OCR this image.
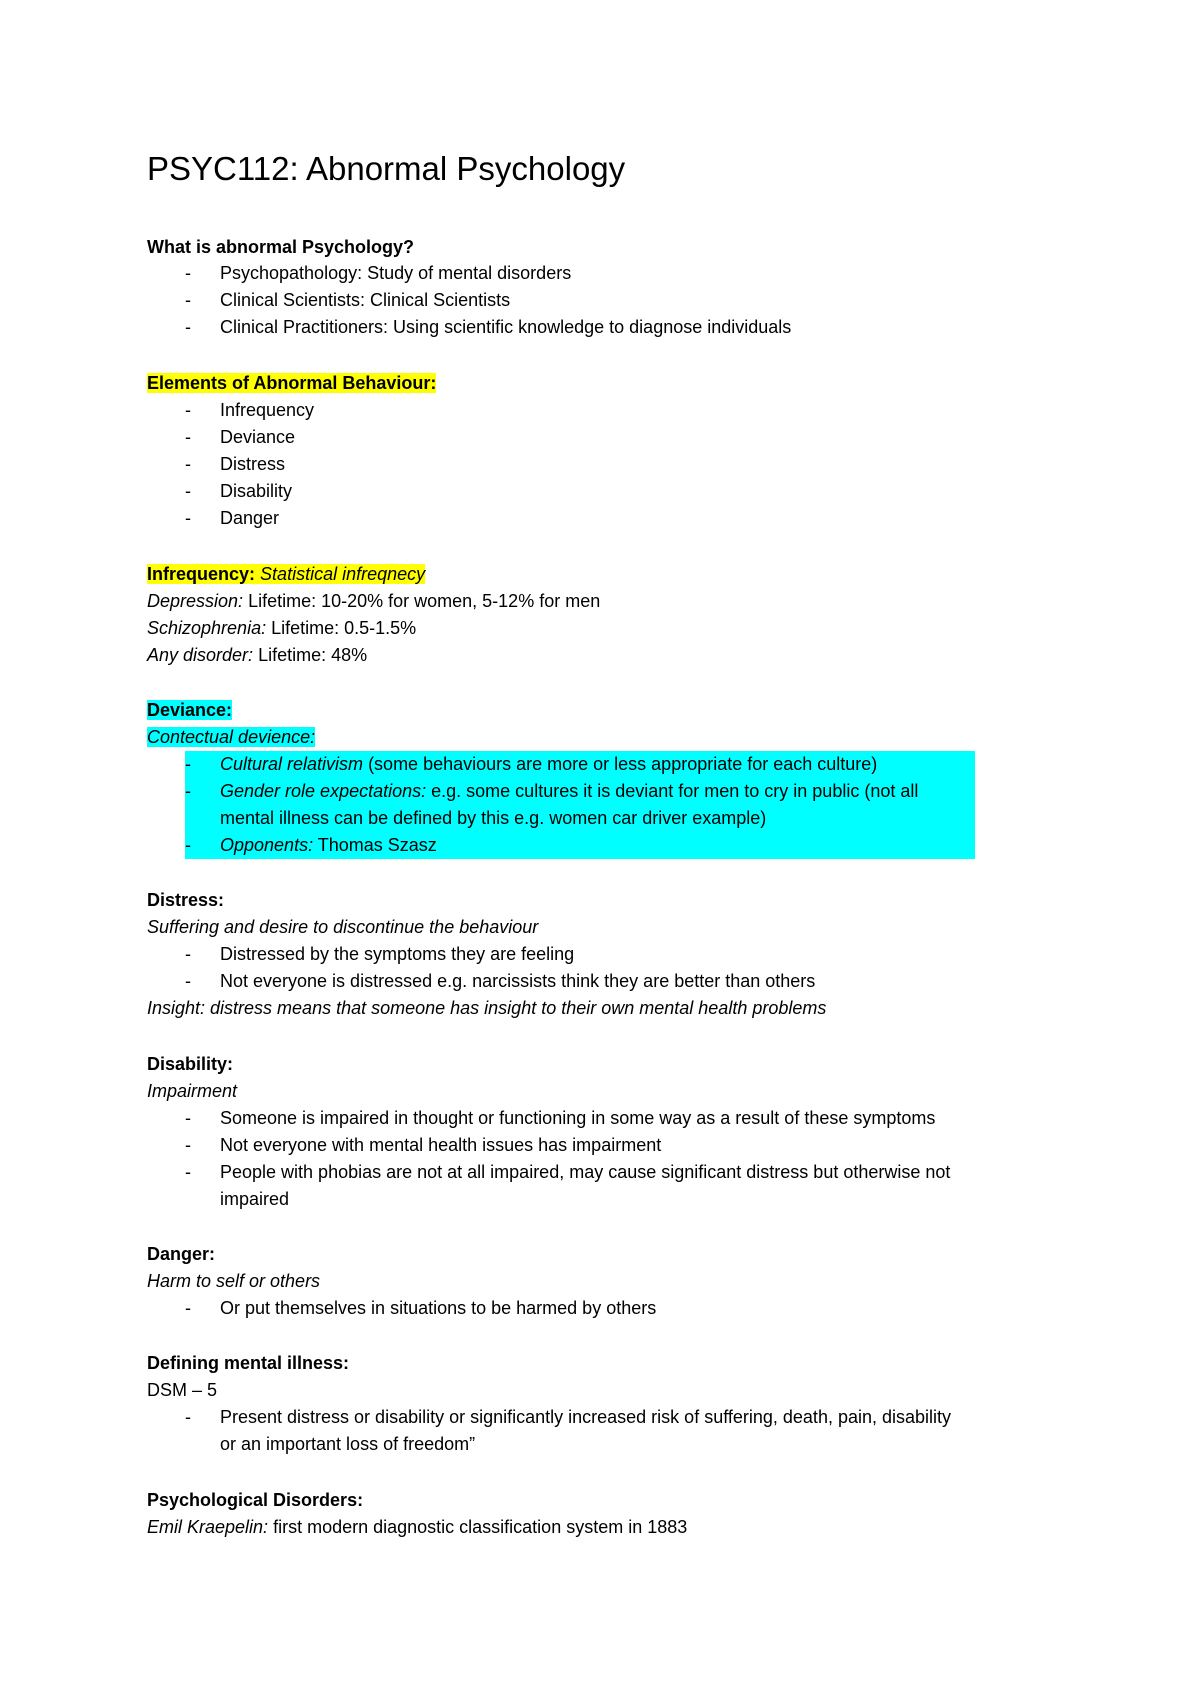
PSYC112: Abnormal Psychology
What is abnormal Psychology?
- Psychopathology: Study of mental disorders
- Clinical Scientists: Clinical Scientists
- Clinical Practitioners: Using scientific knowledge to diagnose individuals
Elements of Abnormal Behaviour:
- Infrequency
- Deviance
- Distress
- Disability
- Danger
Infrequency: Statistical infreqnecy
Depression: Lifetime: 10-20% for women, 5-12% for men
Schizophrenia: Lifetime: 0.5-1.5%
Any disorder: Lifetime: 48%
Deviance:
Contectual devience:
- Cultural relativism (some behaviours are more or less appropriate for each culture)
- Gender role expectations: e.g. some cultures it is deviant for men to cry in public (not all
mental illness can be defined by this e.g. women car driver example)
- Opponents: Thomas Szasz
Distress:
Suffering and desire to discontinue the behaviour
- Distressed by the symptoms they are feeling
- Not everyone is distressed e.g. narcissists think they are better than others
Insight: distress means that someone has insight to their own mental health problems
Disability:
Impairment
- Someone is impaired in thought or functioning in some way as a result of these symptoms
- Not everyone with mental health issues has impairment
- People with phobias are not at all impaired, may cause significant distress but otherwise not
impaired
Danger:
Harm to self or others
- Or put themselves in situations to be harmed by others
Defining mental illness:
DSM – 5
- Present distress or disability or significantly increased risk of suffering, death, pain, disability
or an important loss of freedom”
Psychological Disorders:
Emil Kraepelin: first modern diagnostic classification system in 1883
